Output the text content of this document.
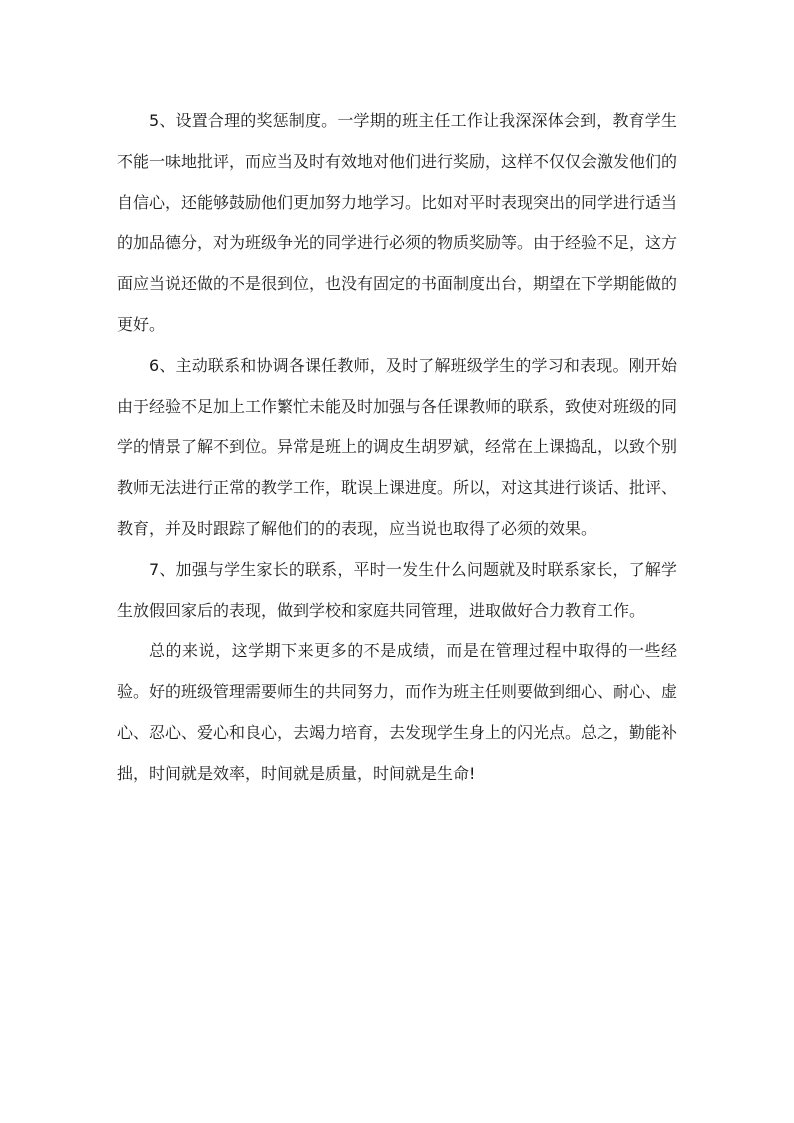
5、设置合理的奖惩制度。一学期的班主任工作让我深深体会到，教育学生不能一味地批评，而应当及时有效地对他们进行奖励，这样不仅仅会激发他们的自信心，还能够鼓励他们更加努力地学习。比如对平时表现突出的同学进行适当的加品德分，对为班级争光的同学进行必须的物质奖励等。由于经验不足，这方面应当说还做的不是很到位，也没有固定的书面制度出台，期望在下学期能做的更好。

6、主动联系和协调各课任教师，及时了解班级学生的学习和表现。刚开始由于经验不足加上工作繁忙未能及时加强与各任课教师的联系，致使对班级的同学的情景了解不到位。异常是班上的调皮生胡罗斌，经常在上课捣乱，以致个别教师无法进行正常的教学工作，耽误上课进度。所以，对这其进行谈话、批评、教育，并及时跟踪了解他们的的表现，应当说也取得了必须的效果。

7、加强与学生家长的联系，平时一发生什么问题就及时联系家长，了解学生放假回家后的表现，做到学校和家庭共同管理，进取做好合力教育工作。

总的来说，这学期下来更多的不是成绩，而是在管理过程中取得的一些经验。好的班级管理需要师生的共同努力，而作为班主任则要做到细心、耐心、虚心、忍心、爱心和良心，去竭力培育，去发现学生身上的闪光点。总之，勤能补拙，时间就是效率，时间就是质量，时间就是生命!
